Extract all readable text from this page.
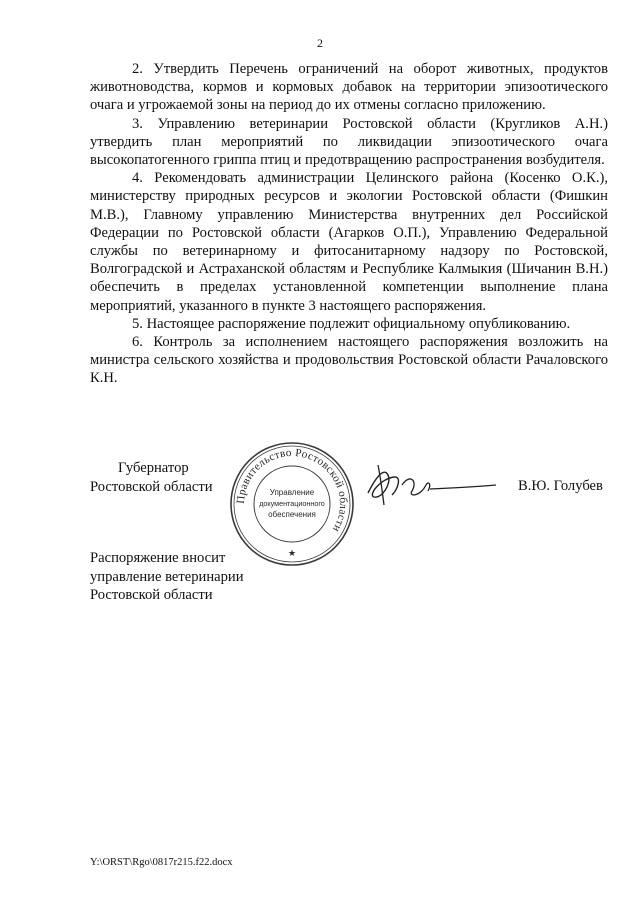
2

2. Утвердить Перечень ограничений на оборот животных, продуктов животноводства, кормов и кормовых добавок на территории эпизоотического очага и угрожаемой зоны на период до их отмены согласно приложению.

3. Управлению ветеринарии Ростовской области (Кругликов А.Н.) утвердить план мероприятий по ликвидации эпизоотического очага высокопатогенного гриппа птиц и предотвращению распространения возбудителя.

4. Рекомендовать администрации Целинского района (Косенко О.К.), министерству природных ресурсов и экологии Ростовской области (Фишкин М.В.), Главному управлению Министерства внутренних дел Российской Федерации по Ростовской области (Агарков О.П.), Управлению Федеральной службы по ветеринарному и фитосанитарному надзору по Ростовской, Волгоградской и Астраханской областям и Республике Калмыкия (Шичанин В.Н.) обеспечить в пределах установленной компетенции выполнение плана мероприятий, указанного в пункте 3 настоящего распоряжения.

5. Настоящее распоряжение подлежит официальному опубликованию.

6. Контроль за исполнением настоящего распоряжения возложить на министра сельского хозяйства и продовольствия Ростовской области Рачаловского К.Н.

Губернатор
Ростовской области
Правительство Ростовской области
Управление
документационного
обеспечения
★
В.Ю. Голубев
Распоряжение вносит
управление ветеринарии
Ростовской области
Y:\ORST\Rgo\0817r215.f22.docx
